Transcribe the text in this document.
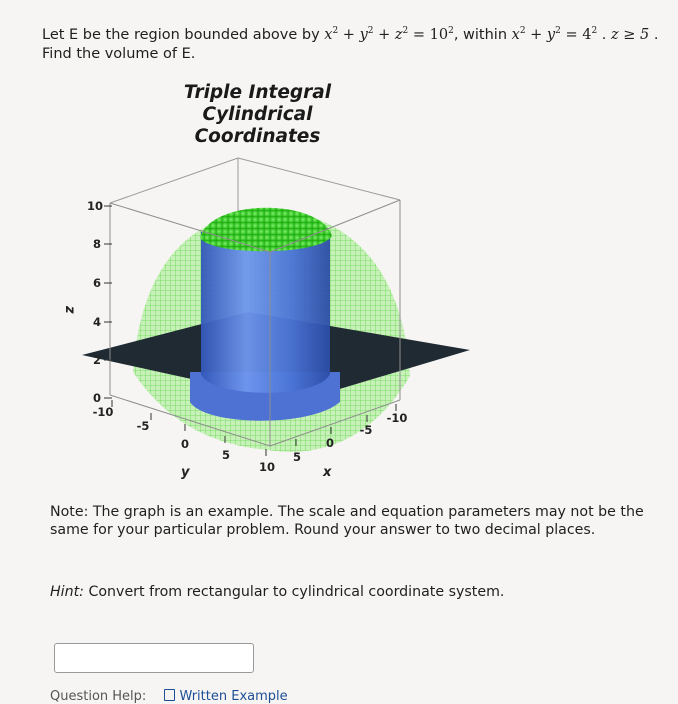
Let E be the region bounded above by $x^2 + y^2 + z^2 = 10^2$, within $x^2 + y^2 = 4^2$ . z ≥ 5 .
Find the volume of E.
Triple Integral
Cylindrical Coordinates
10
8
6
4
2
0
z
-10
-5
0
5
10
y
5
0
-5
-10
x
Note: The graph is an example. The scale and equation parameters may not be the same for your particular problem. Round your answer to two decimal places.
Hint: Convert from rectangular to cylindrical coordinate system.
Question Help:	Written Example
